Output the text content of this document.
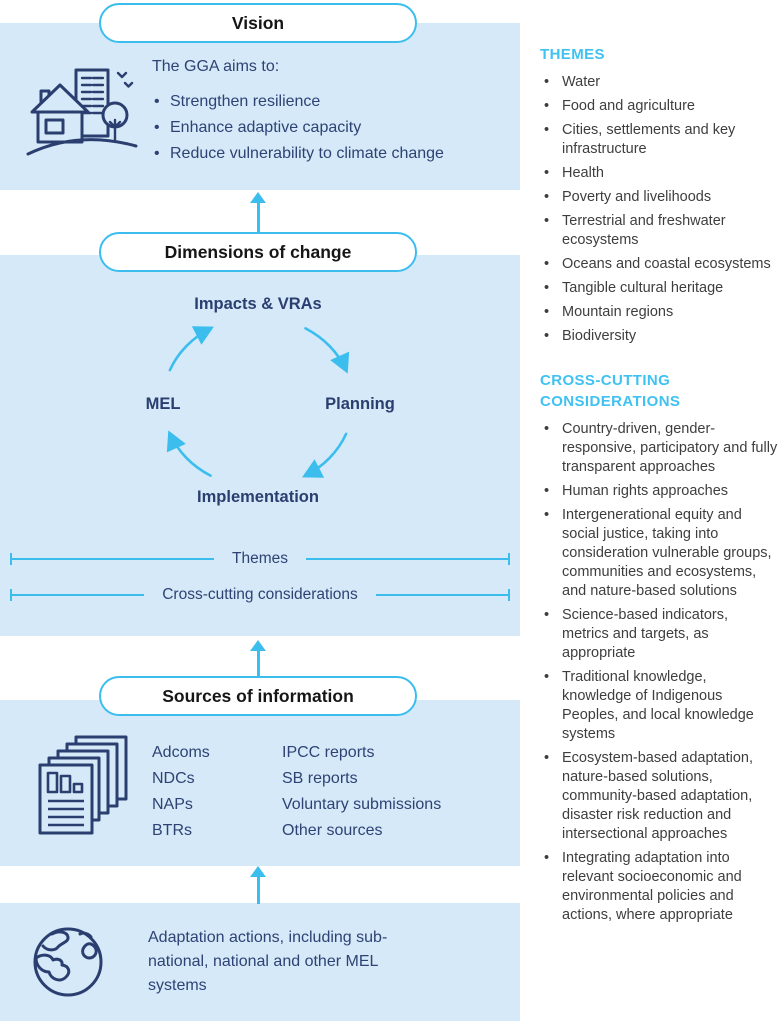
Vision
The GGA aims to:
• Strengthen resilience
• Enhance adaptive capacity
• Reduce vulnerability to climate change
Dimensions of change
Impacts & VRAs
Planning
Implementation
MEL
Themes
Cross-cutting considerations
Sources of information
Adcoms
NDCs
NAPs
BTRs
IPCC reports
SB reports
Voluntary submissions
Other sources
Adaptation actions, including sub-national, national and other MEL systems
THEMES
• Water
• Food and agriculture
• Cities, settlements and key infrastructure
• Health
• Poverty and livelihoods
• Terrestrial and freshwater ecosystems
• Oceans and coastal ecosystems
• Tangible cultural heritage
• Mountain regions
• Biodiversity
CROSS-CUTTING CONSIDERATIONS
• Country-driven, gender-responsive, participatory and fully transparent approaches
• Human rights approaches
• Intergenerational equity and social justice, taking into consideration vulnerable groups, communities and ecosystems, and nature-based solutions
• Science-based indicators, metrics and targets, as appropriate
• Traditional knowledge, knowledge of Indigenous Peoples, and local knowledge systems
• Ecosystem-based adaptation, nature-based solutions, community-based adaptation, disaster risk reduction and intersectional approaches
• Integrating adaptation into relevant socioeconomic and environmental policies and actions, where appropriate
